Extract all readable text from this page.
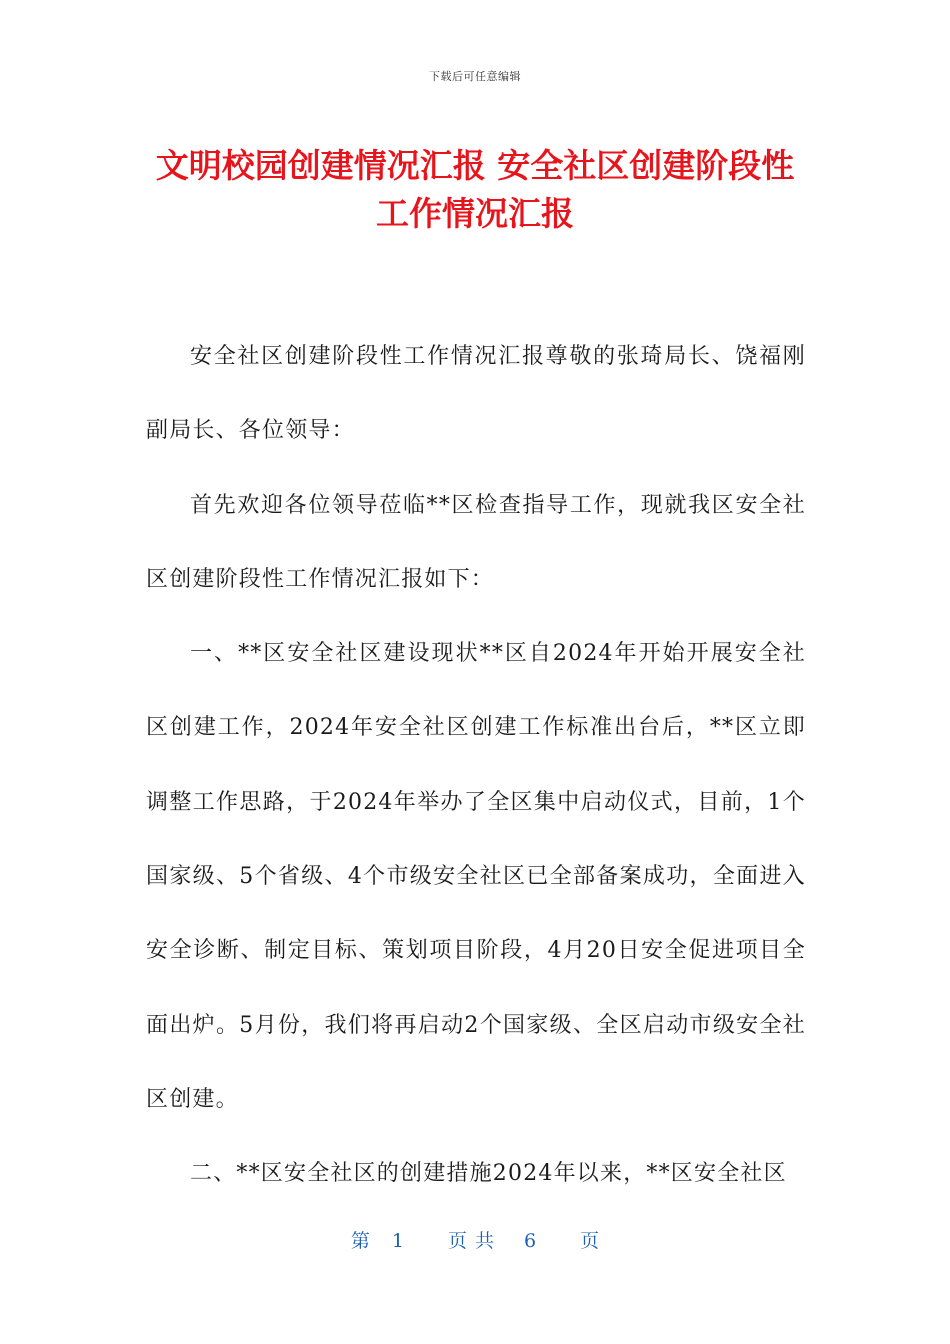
下载后可任意编辑
文明校园创建情况汇报 安全社区创建阶段性
工作情况汇报

安全社区创建阶段性工作情况汇报尊敬的张琦局长、饶福刚副局长、各位领导：

首先欢迎各位领导莅临**区检查指导工作，现就我区安全社区创建阶段性工作情况汇报如下：

一、**区安全社区建设现状**区自2024年开始开展安全社区创建工作，2024年安全社区创建工作标准出台后，**区立即调整工作思路，于2024年举办了全区集中启动仪式，目前，1个国家级、5个省级、4个市级安全社区已全部备案成功，全面进入安全诊断、制定目标、策划项目阶段，4月20日安全促进项目全面出炉。5月份，我们将再启动2个国家级、全区启动市级安全社区创建。

二、**区安全社区的创建措施2024年以来，**区安全社区

第 1 页共 6 页
